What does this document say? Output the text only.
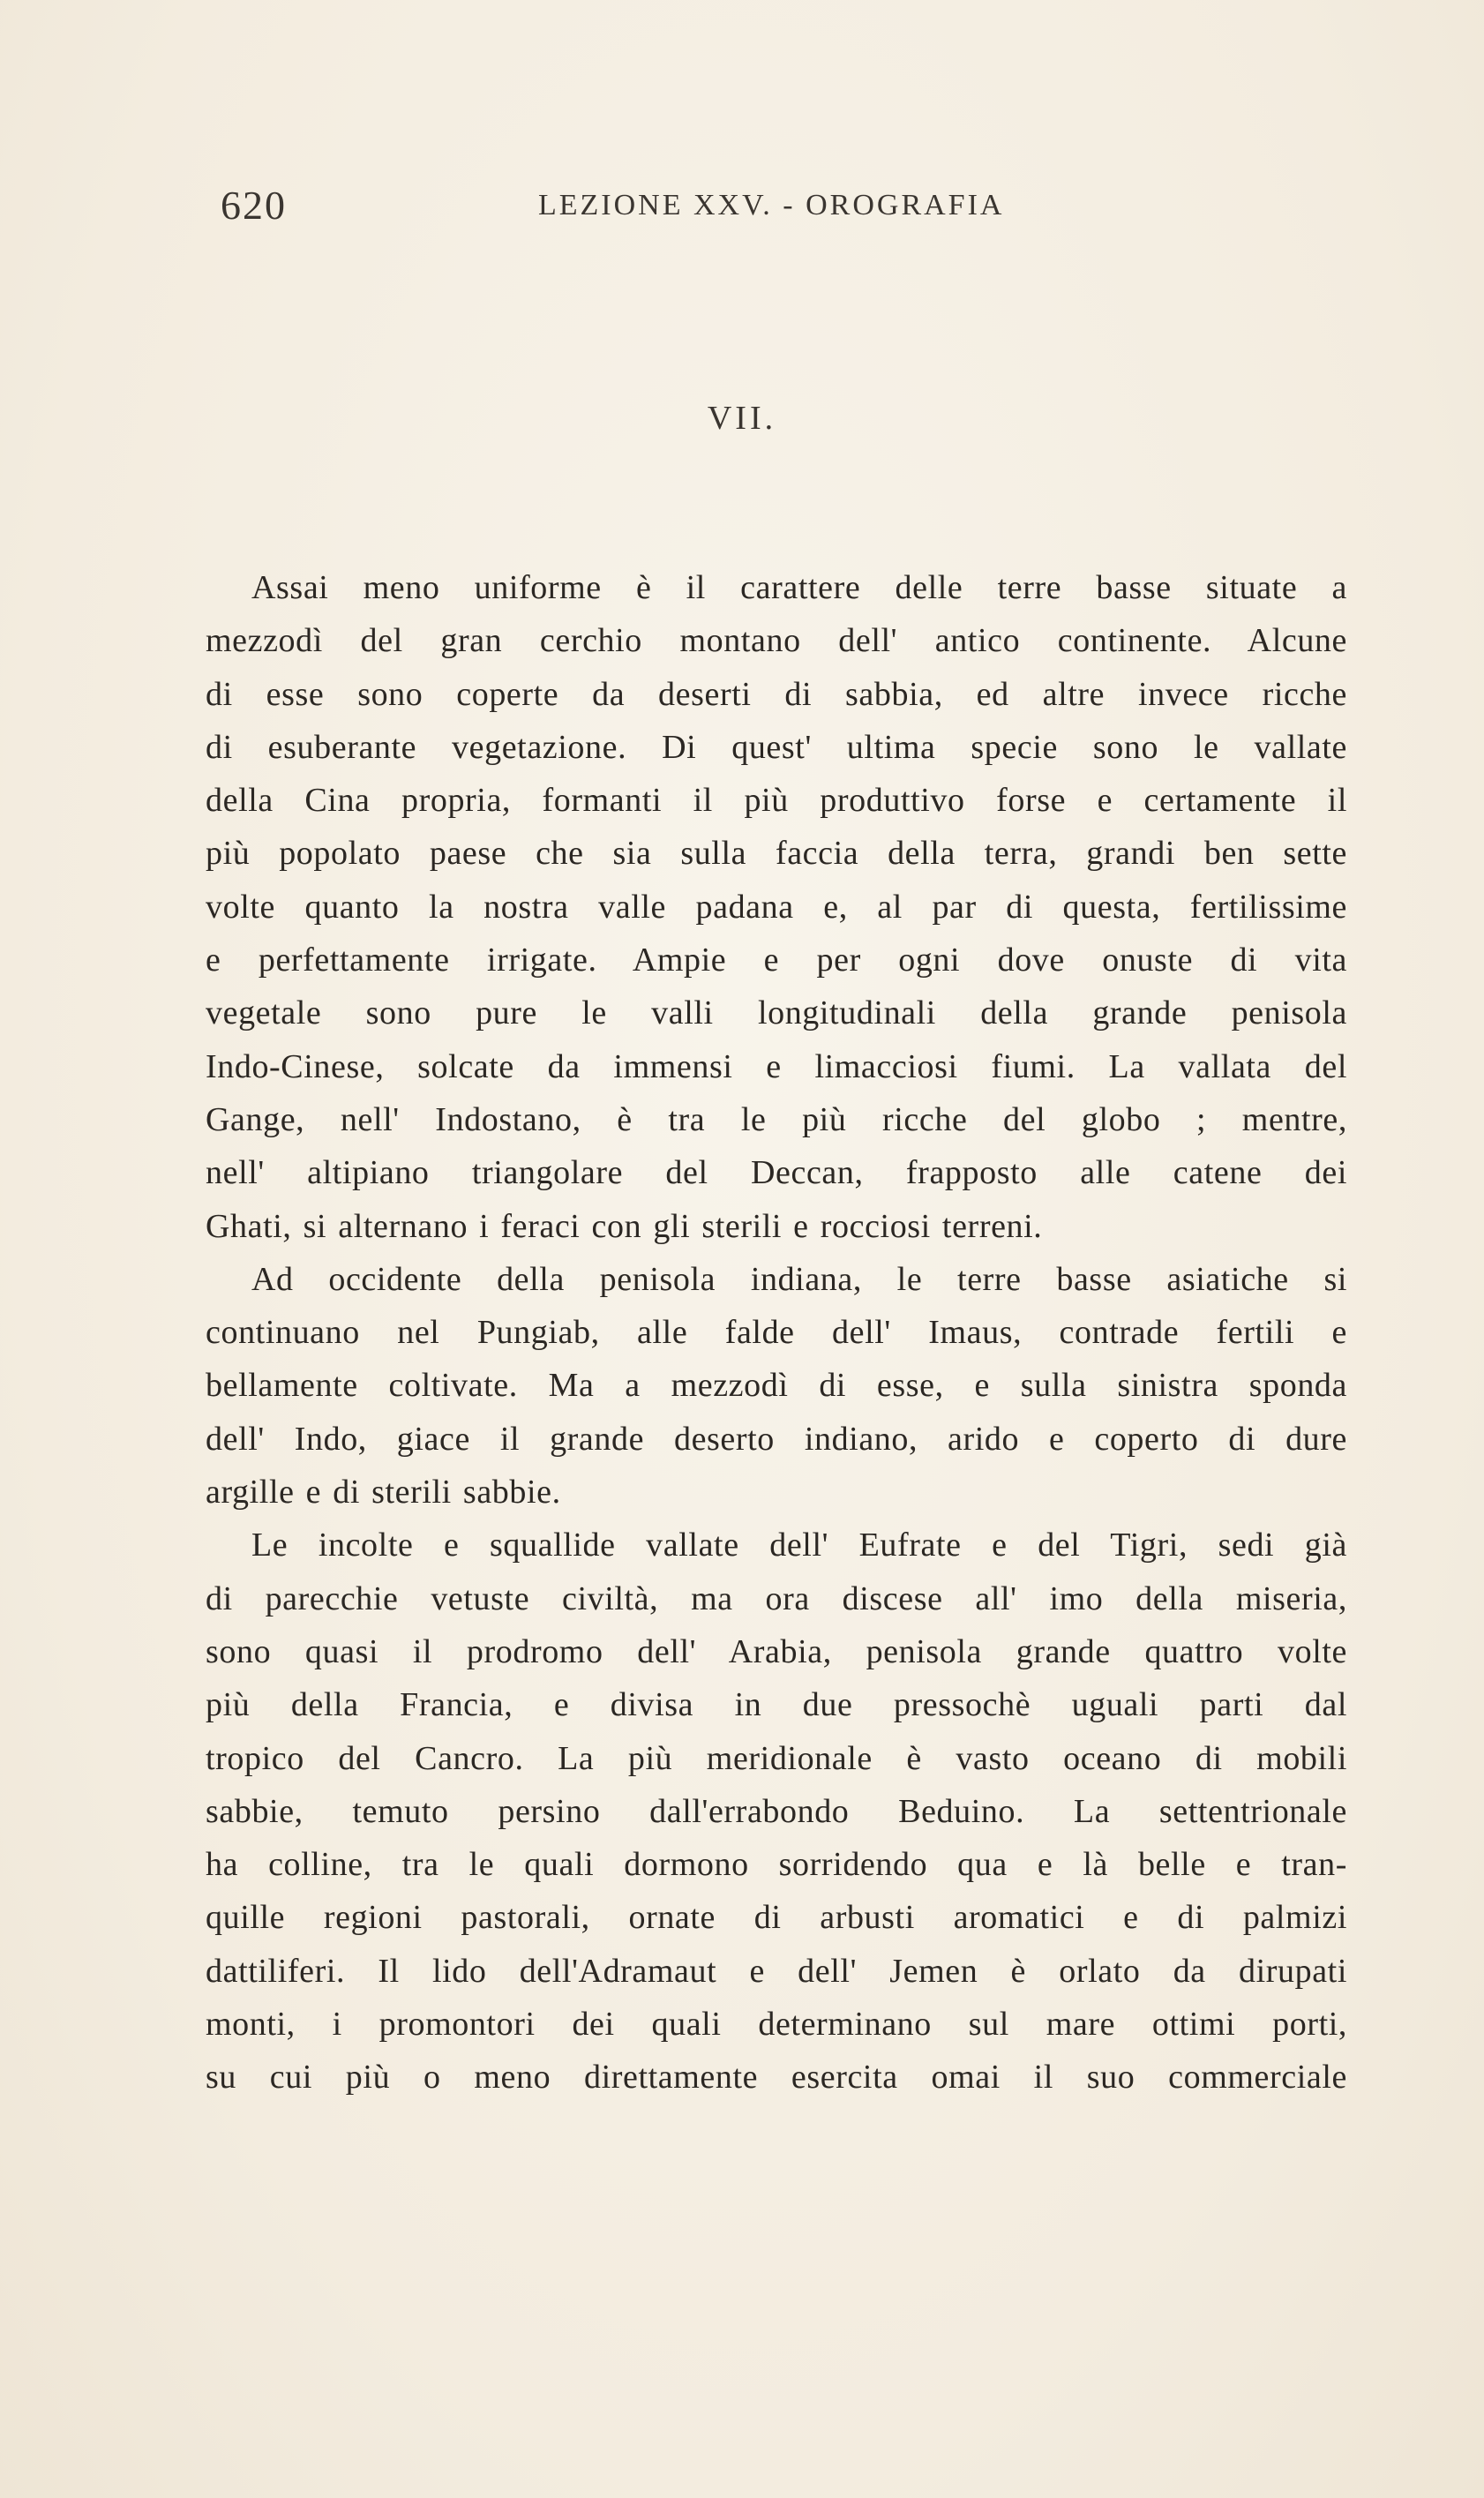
620	LEZIONE XXV. - OROGRAFIA
VII.
Assai meno uniforme è il carattere delle terre basse situate a
mezzodì del gran cerchio montano dell' antico continente. Alcune
di esse sono coperte da deserti di sabbia, ed altre invece ricche
di esuberante vegetazione. Di quest' ultima specie sono le vallate
della Cina propria, formanti il più produttivo forse e certamente il
più popolato paese che sia sulla faccia della terra, grandi ben sette
volte quanto la nostra valle padana e, al par di questa, fertilissime
e perfettamente irrigate. Ampie e per ogni dove onuste di vita
vegetale sono pure le valli longitudinali della grande penisola
Indo-Cinese, solcate da immensi e limacciosi fiumi. La vallata del
Gange, nell' Indostano, è tra le più ricche del globo ; mentre,
nell' altipiano triangolare del Deccan, frapposto alle catene dei
Ghati, si alternano i feraci con gli sterili e rocciosi terreni.
Ad occidente della penisola indiana, le terre basse asiatiche si
continuano nel Pungiab, alle falde dell' Imaus, contrade fertili e
bellamente coltivate. Ma a mezzodì di esse, e sulla sinistra sponda
dell' Indo, giace il grande deserto indiano, arido e coperto di dure
argille e di sterili sabbie.
Le incolte e squallide vallate dell' Eufrate e del Tigri, sedi già
di parecchie vetuste civiltà, ma ora discese all' imo della miseria,
sono quasi il prodromo dell' Arabia, penisola grande quattro volte
più della Francia, e divisa in due pressochè uguali parti dal
tropico del Cancro. La più meridionale è vasto oceano di mobili
sabbie, temuto persino dall'errabondo Beduino. La settentrionale
ha colline, tra le quali dormono sorridendo qua e là belle e tran-
quille regioni pastorali, ornate di arbusti aromatici e di palmizi
dattiliferi. Il lido dell'Adramaut e dell' Jemen è orlato da dirupati
monti, i promontori dei quali determinano sul mare ottimi porti,
su cui più o meno direttamente esercita omai il suo commerciale
